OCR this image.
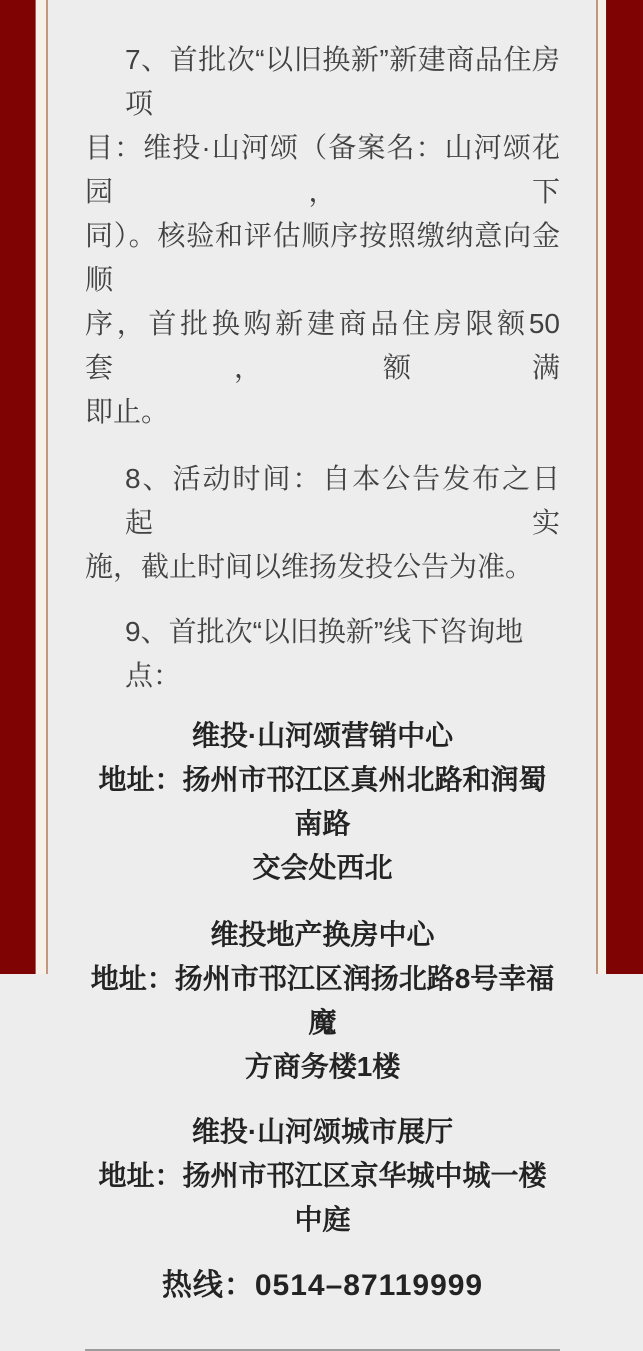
7、首批次“以旧换新”新建商品住房项
目：维投·山河颂（备案名：山河颂花园，下
同）。核验和评估顺序按照缴纳意向金顺
序，首批换购新建商品住房限额50套，额满
即止。
8、活动时间：自本公告发布之日起实
施，截止时间以维扬发投公告为准。
9、首批次“以旧换新”线下咨询地点：
维投·山河颂营销中心
地址：扬州市邗江区真州北路和润蜀南路
交会处西北
维投地产换房中心
地址：扬州市邗江区润扬北路8号幸福魔
方商务楼1楼
维投·山河颂城市展厅
地址：扬州市邗江区京华城中城一楼中庭
热线：0514–87119999
